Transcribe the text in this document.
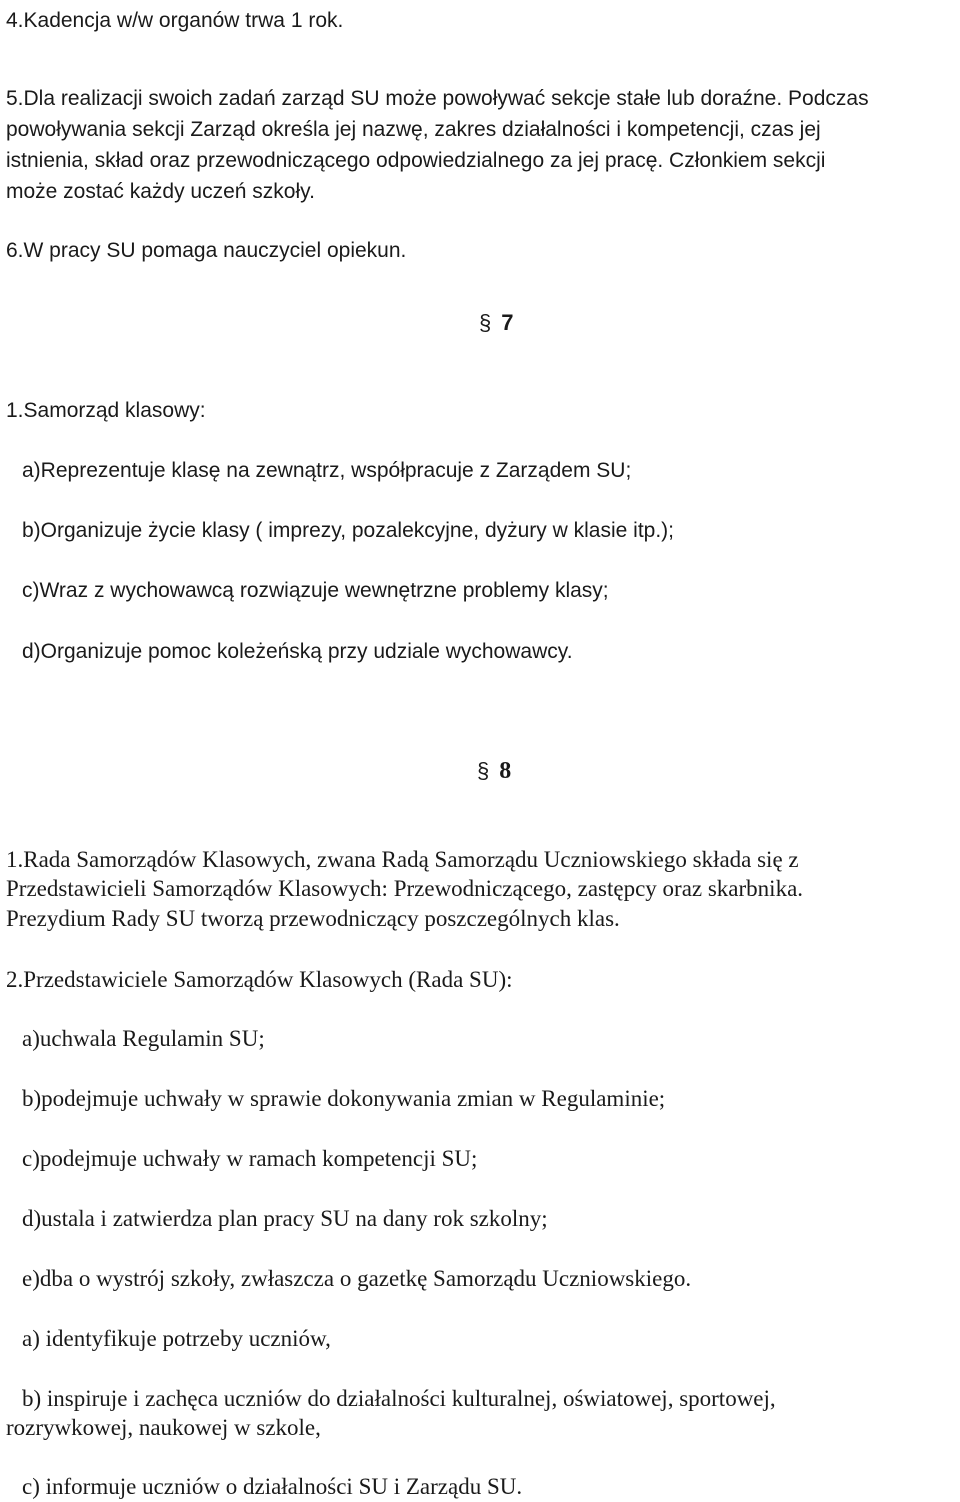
4.Kadencja w/w organów trwa 1 rok.
5.Dla realizacji swoich zadań zarząd SU może powoływać sekcje stałe lub doraźne. Podczas
powoływania sekcji Zarząd określa jej nazwę, zakres działalności i kompetencji, czas jej
istnienia, skład oraz przewodniczącego odpowiedzialnego za jej pracę. Członkiem sekcji
może zostać każdy uczeń szkoły.
6.W pracy SU pomaga nauczyciel opiekun.
§ 7
1.Samorząd klasowy:
a)Reprezentuje klasę na zewnątrz, współpracuje z Zarządem SU;
b)Organizuje życie klasy ( imprezy, pozalekcyjne, dyżury w klasie itp.);
c)Wraz z wychowawcą rozwiązuje wewnętrzne problemy klasy;
d)Organizuje pomoc koleżeńską przy udziale wychowawcy.
§ 8
1.Rada Samorządów Klasowych, zwana Radą Samorządu Uczniowskiego składa się z
Przedstawicieli Samorządów Klasowych: Przewodniczącego, zastępcy oraz skarbnika.
Prezydium Rady SU tworzą przewodniczący poszczególnych klas.
2.Przedstawiciele Samorządów Klasowych (Rada SU):
a)uchwala Regulamin SU;
b)podejmuje uchwały w sprawie dokonywania zmian w Regulaminie;
c)podejmuje uchwały w ramach kompetencji SU;
d)ustala i zatwierdza plan pracy SU na dany rok szkolny;
e)dba o wystrój szkoły, zwłaszcza o gazetkę Samorządu Uczniowskiego.
a) identyfikuje potrzeby uczniów,
b) inspiruje i zachęca uczniów do działalności kulturalnej, oświatowej, sportowej,
rozrywkowej, naukowej w szkole,
c) informuje uczniów o działalności SU i Zarządu SU.
